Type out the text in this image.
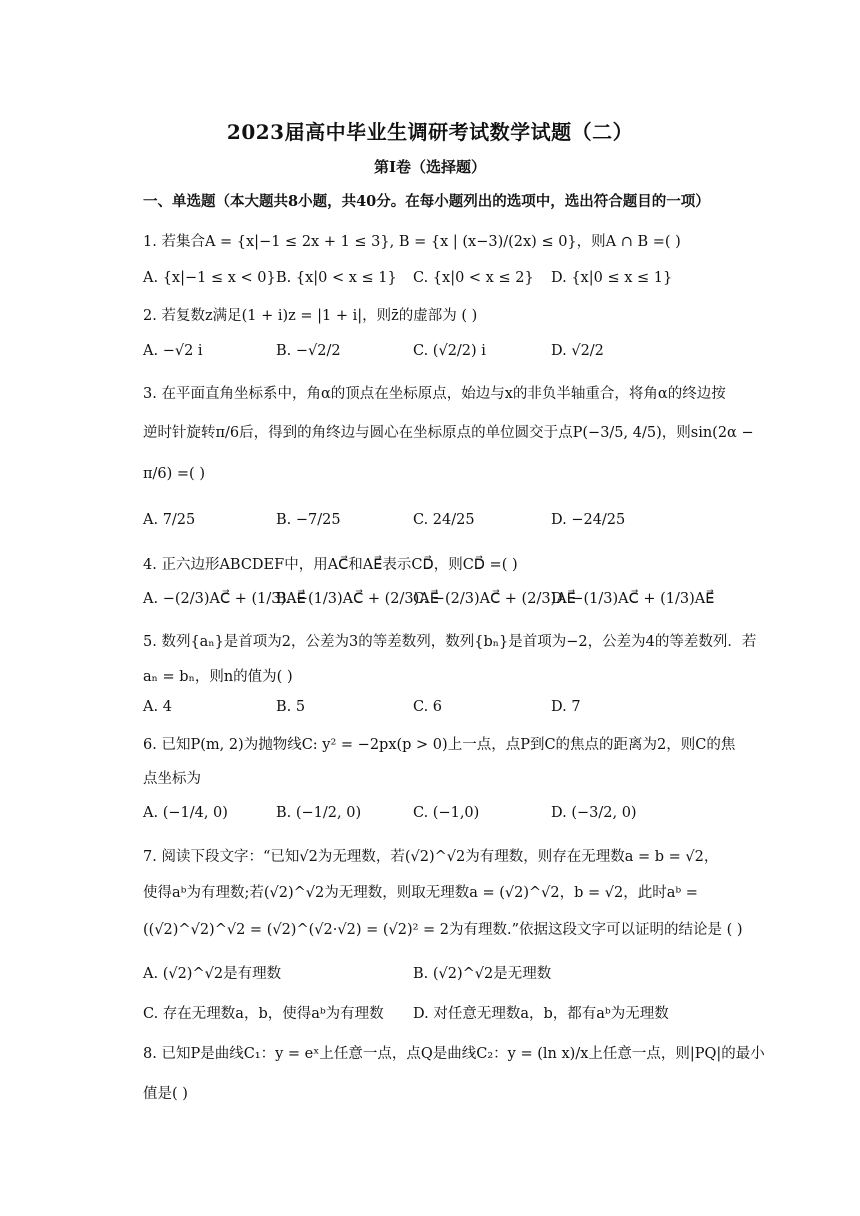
2023届高中毕业生调研考试数学试题（二）
第I卷（选择题）
一、单选题（本大题共8小题，共40分。在每小题列出的选项中，选出符合题目的一项）
1. 若集合A = {x|−1 ≤ 2x + 1 ≤ 3}, B = {x | (x−3)/(2x) ≤ 0}，则A ∩ B =( )
A. {x|−1 ≤ x < 0} B. {x|0 < x ≤ 1} C. {x|0 < x ≤ 2} D. {x|0 ≤ x ≤ 1}
2. 若复数z满足(1 + i)z = |1 + i|，则z̄的虚部为 ( )
A. −√2 i	B. −√2/2	C. (√2/2) i	D. √2/2
3. 在平面直角坐标系中，角α的顶点在坐标原点，始边与x的非负半轴重合，将角α的终边按
逆时针旋转π/6后，得到的角终边与圆心在坐标原点的单位圆交于点P(−3/5, 4/5)，则sin(2α −
π/6) =( )
A. 7/25	B. −7/25	C. 24/25	D. −24/25
4. 正六边形ABCDEF中，用AC⃗和AE⃗表示CD⃗，则CD⃗ =( )
A. −(2/3)AC⃗ + (1/3)AE⃗
B. −(1/3)AC⃗ + (2/3)AE⃗
C. −(2/3)AC⃗ + (2/3)AE⃗
D. −(1/3)AC⃗ + (1/3)AE⃗
5. 数列{aₙ}是首项为2，公差为3的等差数列，数列{bₙ}是首项为−2，公差为4的等差数列．若
aₙ = bₙ，则n的值为( )
A. 4	B. 5	C. 6	D. 7
6. 已知P(m, 2)为抛物线C: y² = −2px(p > 0)上一点，点P到C的焦点的距离为2，则C的焦
点坐标为
A. (−1/4, 0)	B. (−1/2, 0)	C. (−1,0)	D. (−3/2, 0)
7. 阅读下段文字：“已知√2为无理数，若(√2)^√2为有理数，则存在无理数a = b = √2，
使得aᵇ为有理数;若(√2)^√2为无理数，则取无理数a = (√2)^√2，b = √2，此时aᵇ =
((√2)^√2)^√2 = (√2)^(√2·√2) = (√2)² = 2为有理数.”依据这段文字可以证明的结论是 ( )
A. (√2)^√2是有理数	B. (√2)^√2是无理数
C. 存在无理数a，b，使得aᵇ为有理数 D. 对任意无理数a，b，都有aᵇ为无理数
8. 已知P是曲线C₁：y = eˣ上任意一点，点Q是曲线C₂：y = (ln x)/x上任意一点，则|PQ|的最小
值是( )
